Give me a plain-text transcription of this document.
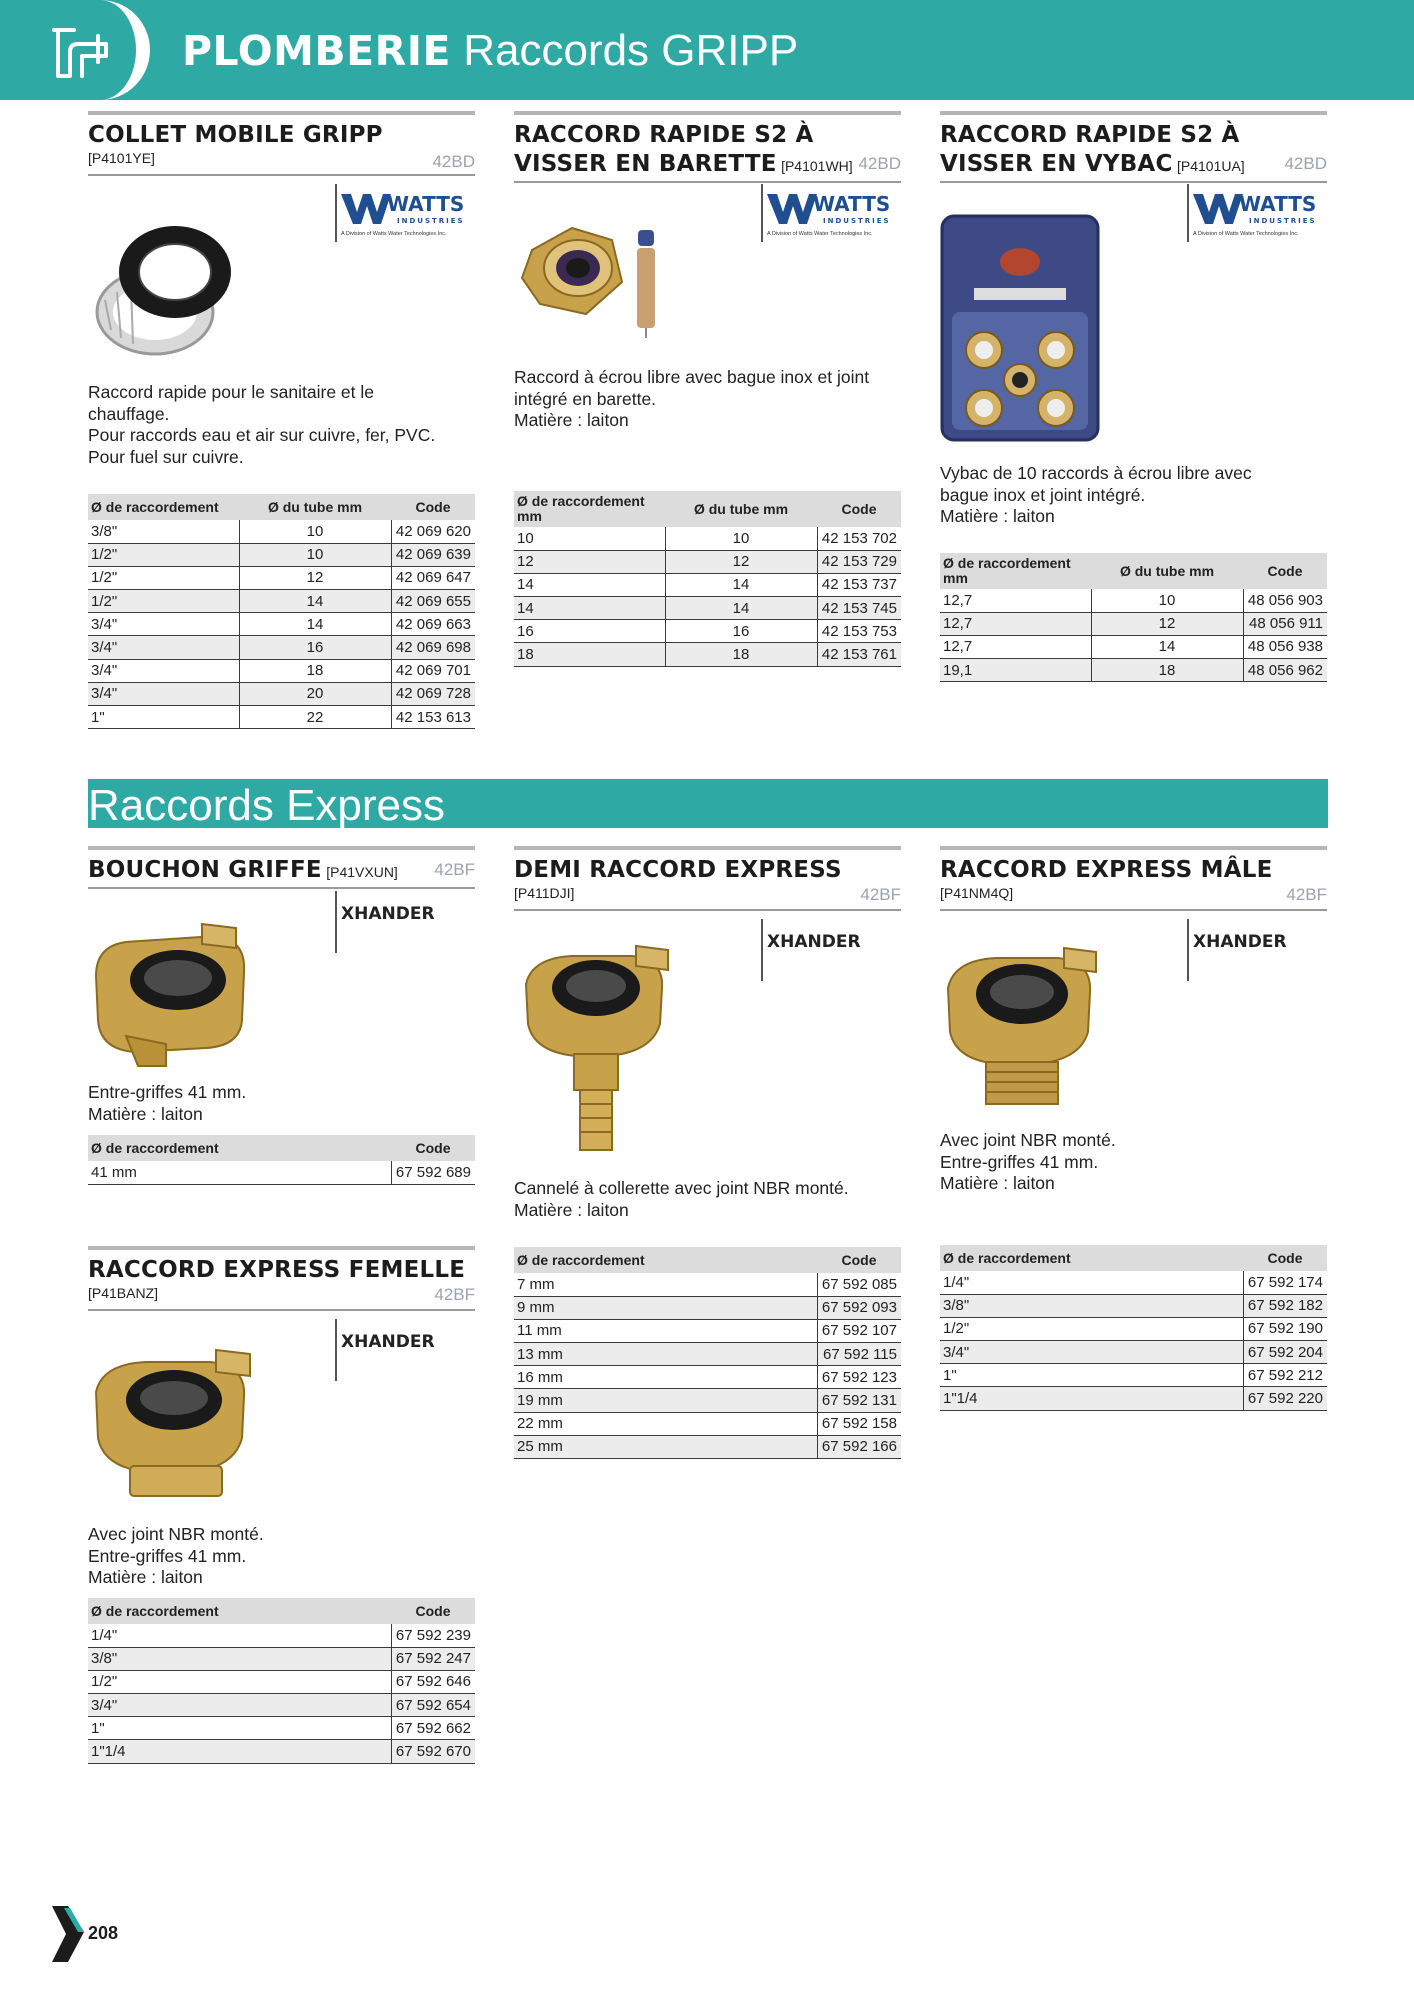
PLOMBERIE Raccords GRIPP
COLLET MOBILE GRIPP
[P4101YE]	42BD
WATTS
INDUSTRIES
A Division of Watts Water Technologies Inc.
Raccord rapide pour le sanitaire et le
chauffage.
Pour raccords eau et air sur cuivre, fer, PVC.
Pour fuel sur cuivre.
Ø de raccordement	Ø du tube mm	Code
3/8"	10	42 069 620
1/2"	10	42 069 639
1/2"	12	42 069 647
1/2"	14	42 069 655
3/4"	14	42 069 663
3/4"	16	42 069 698
3/4"	18	42 069 701
3/4"	20	42 069 728
1"	22	42 153 613
RACCORD RAPIDE S2 À
VISSER EN BARETTE [P4101WH] 42BD
WATTS
INDUSTRIES
A Division of Watts Water Technologies Inc.
Raccord à écrou libre avec bague inox et joint
intégré en barette.
Matière : laiton
Ø de raccordement mm	Ø du tube mm	Code
10	10	42 153 702
12	12	42 153 729
14	14	42 153 737
14	14	42 153 745
16	16	42 153 753
18	18	42 153 761
RACCORD RAPIDE S2 À
VISSER EN VYBAC [P4101UA] 42BD
WATTS
INDUSTRIES
A Division of Watts Water Technologies Inc.
Vybac de 10 raccords à écrou libre avec
bague inox et joint intégré.
Matière : laiton
Ø de raccordement mm	Ø du tube mm	Code
12,7	10	48 056 903
12,7	12	48 056 911
12,7	14	48 056 938
19,1	18	48 056 962
Raccords Express
BOUCHON GRIFFE [P41VXUN] 42BF
XHANDER
Entre-griffes 41 mm.
Matière : laiton
Ø de raccordement	Code
41 mm	67 592 689
DEMI RACCORD EXPRESS
[P411DJI]	42BF
XHANDER
Cannelé à collerette avec joint NBR monté.
Matière : laiton
Ø de raccordement	Code
7 mm	67 592 085
9 mm	67 592 093
11 mm	67 592 107
13 mm	67 592 115
16 mm	67 592 123
19 mm	67 592 131
22 mm	67 592 158
25 mm	67 592 166
RACCORD EXPRESS MÂLE
[P41NM4Q]	42BF
XHANDER
Avec joint NBR monté.
Entre-griffes 41 mm.
Matière : laiton
Ø de raccordement	Code
1/4"	67 592 174
3/8"	67 592 182
1/2"	67 592 190
3/4"	67 592 204
1"	67 592 212
1"1/4	67 592 220
RACCORD EXPRESS FEMELLE
[P41BANZ]	42BF
XHANDER
Avec joint NBR monté.
Entre-griffes 41 mm.
Matière : laiton
Ø de raccordement	Code
1/4"	67 592 239
3/8"	67 592 247
1/2"	67 592 646
3/4"	67 592 654
1"	67 592 662
1"1/4	67 592 670
208
